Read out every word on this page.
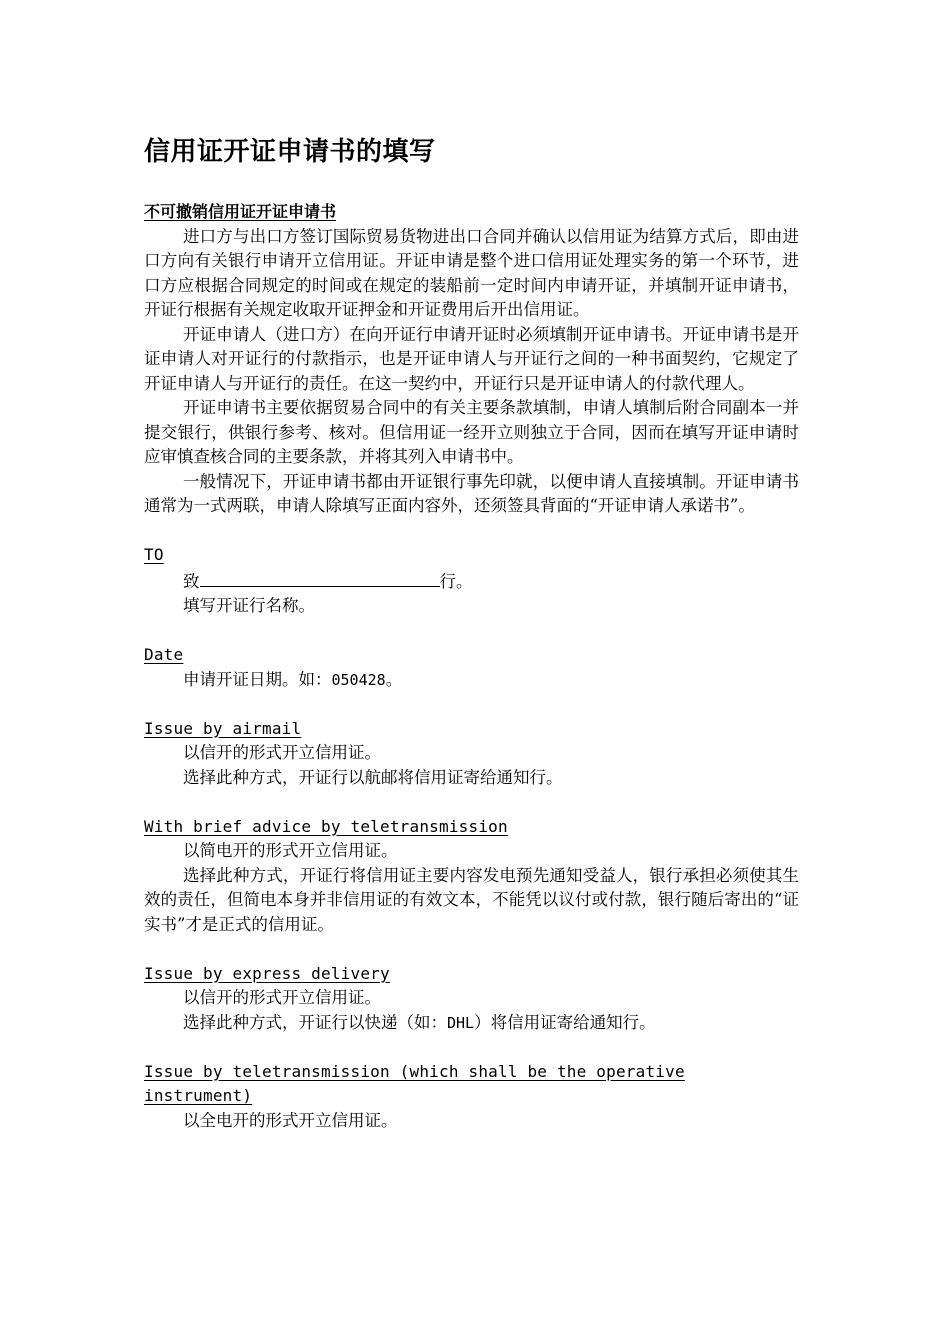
信用证开证申请书的填写

不可撤销信用证开证申请书

进口方与出口方签订国际贸易货物进出口合同并确认以信用证为结算方式后，即由进口方向有关银行申请开立信用证。开证申请是整个进口信用证处理实务的第一个环节，进口方应根据合同规定的时间或在规定的装船前一定时间内申请开证，并填制开证申请书，开证行根据有关规定收取开证押金和开证费用后开出信用证。

开证申请人（进口方）在向开证行申请开证时必须填制开证申请书。开证申请书是开证申请人对开证行的付款指示，也是开证申请人与开证行之间的一种书面契约，它规定了开证申请人与开证行的责任。在这一契约中，开证行只是开证申请人的付款代理人。

开证申请书主要依据贸易合同中的有关主要条款填制，申请人填制后附合同副本一并提交银行，供银行参考、核对。但信用证一经开立则独立于合同，因而在填写开证申请时应审慎查核合同的主要条款，并将其列入申请书中。

一般情况下，开证申请书都由开证银行事先印就，以便申请人直接填制。开证申请书通常为一式两联，申请人除填写正面内容外，还须签具背面的“开证申请人承诺书”。

TO

致	行。

填写开证行名称。

Date

申请开证日期。如：050428。

Issue by airmail

以信开的形式开立信用证。

选择此种方式，开证行以航邮将信用证寄给通知行。

With brief advice by teletransmission

以简电开的形式开立信用证。

选择此种方式，开证行将信用证主要内容发电预先通知受益人，银行承担必须使其生效的责任，但简电本身并非信用证的有效文本，不能凭以议付或付款，银行随后寄出的“证实书”才是正式的信用证。

Issue by express delivery

以信开的形式开立信用证。

选择此种方式，开证行以快递（如：DHL）将信用证寄给通知行。

Issue by teletransmission (which shall be the operative instrument)

以全电开的形式开立信用证。
